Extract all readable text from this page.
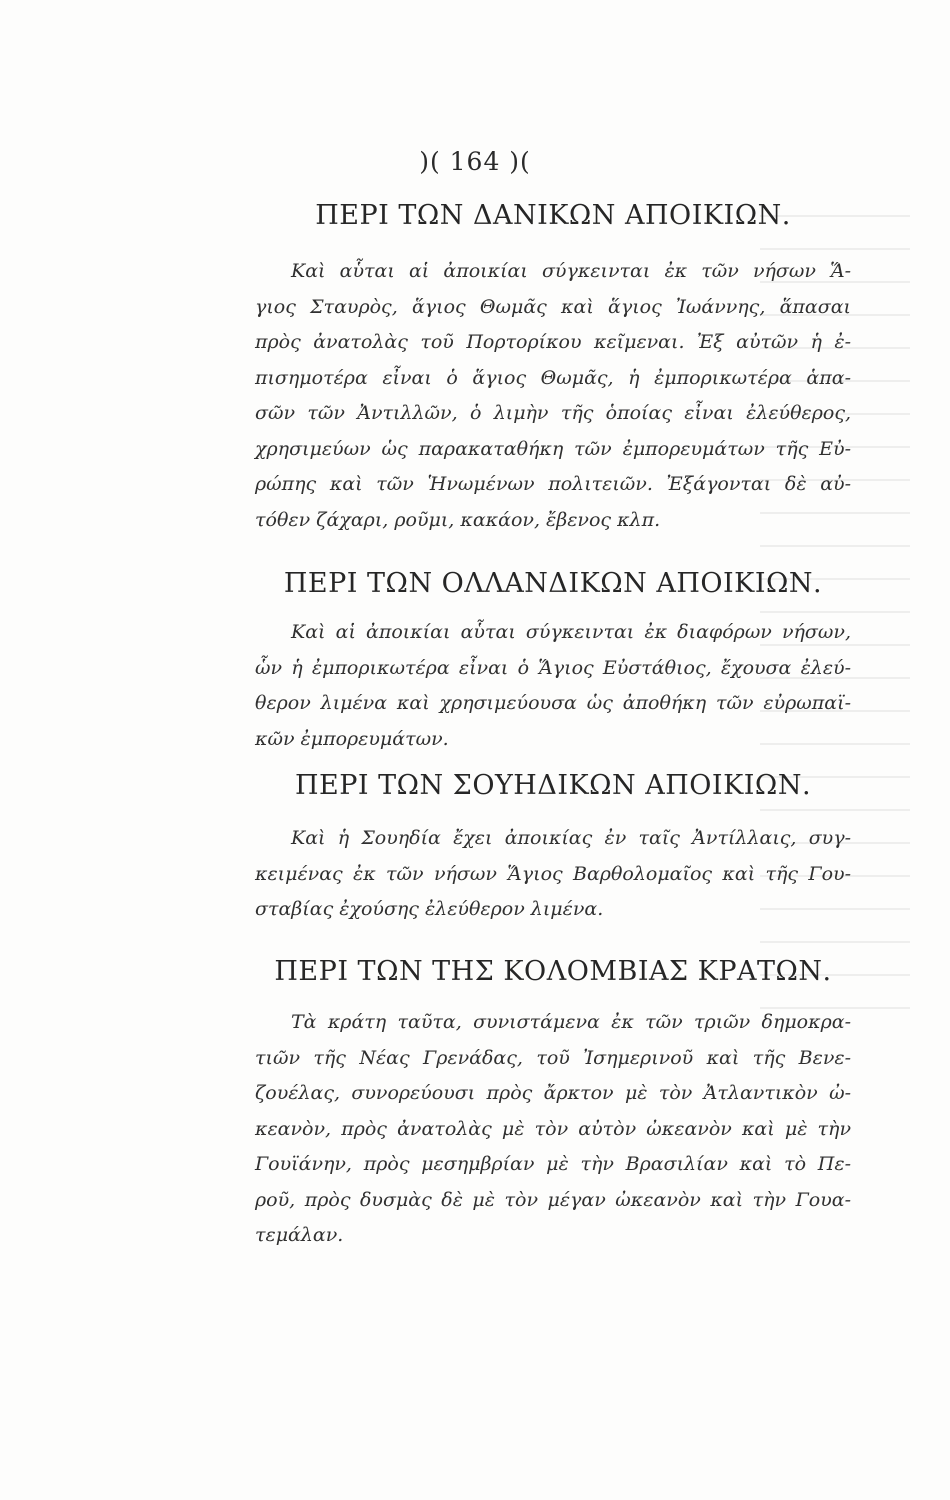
)( 164 )(
ΠΕΡΙ ΤΩΝ ΔΑΝΙΚΩΝ ΑΠΟΙΚΙΩΝ.
Καὶ αὗται αἱ ἀποικίαι σύγκεινται ἐκ τῶν νήσων Ἅ-
γιος Σταυρὸς, ἅγιος Θωμᾶς καὶ ἅγιος Ἰωάννης, ἅπασαι
πρὸς ἀνατολὰς τοῦ Πορτορίκου κεῖμεναι. Ἐξ αὐτῶν ἡ ἐ-
πισημοτέρα εἶναι ὁ ἅγιος Θωμᾶς, ἡ ἐμπορικωτέρα ἁπα-
σῶν τῶν Ἀντιλλῶν, ὁ λιμὴν τῆς ὁποίας εἶναι ἐλεύθερος,
χρησιμεύων ὡς παρακαταθήκη τῶν ἐμπορευμάτων τῆς Εὐ-
ρώπης καὶ τῶν Ἡνωμένων πολιτειῶν. Ἐξάγονται δὲ αὐ-
τόθεν ζάχαρι, ροῦμι, κακάον, ἔβενος κλπ.
ΠΕΡΙ ΤΩΝ ΟΛΛΑΝΔΙΚΩΝ ΑΠΟΙΚΙΩΝ.
Καὶ αἱ ἀποικίαι αὗται σύγκεινται ἐκ διαφόρων νήσων,
ὧν ἡ ἐμπορικωτέρα εἶναι ὁ Ἅγιος Εὐστάθιος, ἔχουσα ἐλεύ-
θερον λιμένα καὶ χρησιμεύουσα ὡς ἀποθήκη τῶν εὐρωπαϊ-
κῶν ἐμπορευμάτων.
ΠΕΡΙ ΤΩΝ ΣΟΥΗΔΙΚΩΝ ΑΠΟΙΚΙΩΝ.
Καὶ ἡ Σουηδία ἔχει ἀποικίας ἐν ταῖς Ἀντίλλαις, συγ-
κειμένας ἐκ τῶν νήσων Ἅγιος Βαρθολομαῖος καὶ τῆς Γου-
σταβίας ἐχούσης ἐλεύθερον λιμένα.
ΠΕΡΙ ΤΩΝ ΤΗΣ ΚΟΛΟΜΒΙΑΣ ΚΡΑΤΩΝ.
Τὰ κράτη ταῦτα, συνιστάμενα ἐκ τῶν τριῶν δημοκρα-
τιῶν τῆς Νέας Γρενάδας, τοῦ Ἰσημερινοῦ καὶ τῆς Βενε-
ζουέλας, συνορεύουσι πρὸς ἄρκτον μὲ τὸν Ἀτλαντικὸν ὠ-
κεανὸν, πρὸς ἀνατολὰς μὲ τὸν αὐτὸν ὠκεανὸν καὶ μὲ τὴν
Γουϊάνην, πρὸς μεσημβρίαν μὲ τὴν Βρασιλίαν καὶ τὸ Πε-
ροῦ, πρὸς δυσμὰς δὲ μὲ τὸν μέγαν ὠκεανὸν καὶ τὴν Γουα-
τεμάλαν.
